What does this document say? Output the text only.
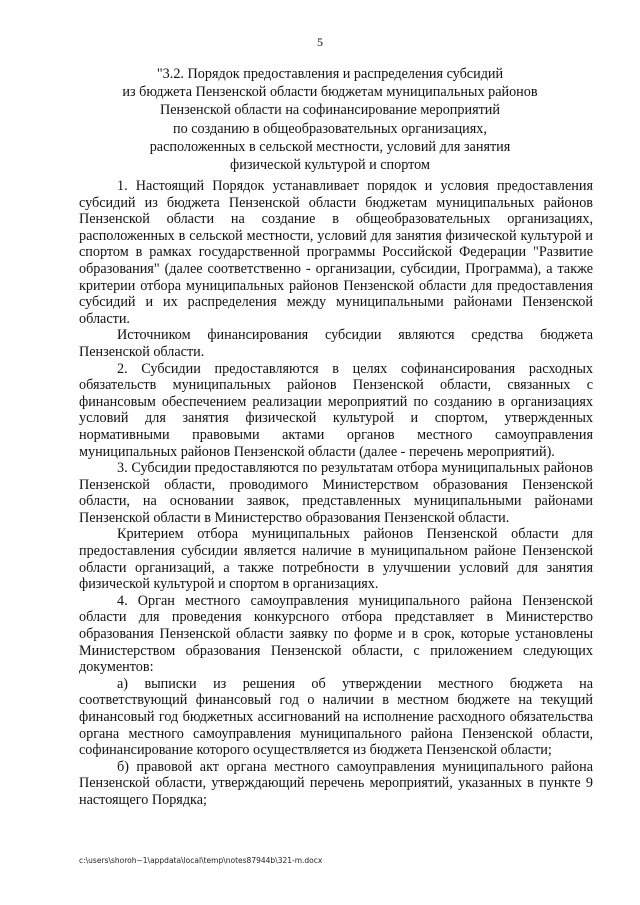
5
"3.2. Порядок предоставления и распределения субсидий
из бюджета Пензенской области бюджетам муниципальных районов
Пензенской области на софинансирование мероприятий
по созданию в общеобразовательных организациях,
расположенных в сельской местности, условий для занятия
физической культурой и спортом

1. Настоящий Порядок устанавливает порядок и условия предоставления субсидий из бюджета Пензенской области бюджетам муниципальных районов Пензенской области на создание в общеобразовательных организациях, расположенных в сельской местности, условий для занятия физической культурой и спортом в рамках государственной программы Российской Федерации "Развитие образования" (далее соответственно - организации, субсидии, Программа), а также критерии отбора муниципальных районов Пензенской области для предоставления субсидий и их распределения между муниципальными районами Пензенской области.

Источником финансирования субсидии являются средства бюджета Пензенской области.

2. Субсидии предоставляются в целях софинансирования расходных обязательств муниципальных районов Пензенской области, связанных с финансовым обеспечением реализации мероприятий по созданию в организациях условий для занятия физической культурой и спортом, утвержденных нормативными правовыми актами органов местного самоуправления муниципальных районов Пензенской области (далее - перечень мероприятий).

3. Субсидии предоставляются по результатам отбора муниципальных районов Пензенской области, проводимого Министерством образования Пензенской области, на основании заявок, представленных муниципальными районами Пензенской области в Министерство образования Пензенской области.

Критерием отбора муниципальных районов Пензенской области для предоставления субсидии является наличие в муниципальном районе Пензенской области организаций, а также потребности в улучшении условий для занятия физической культурой и спортом в организациях.

4. Орган местного самоуправления муниципального района Пензенской области для проведения конкурсного отбора представляет в Министерство образования Пензенской области заявку по форме и в срок, которые установлены Министерством образования Пензенской области, с приложением следующих документов:

а) выписки из решения об утверждении местного бюджета на соответствующий финансовый год о наличии в местном бюджете на текущий финансовый год бюджетных ассигнований на исполнение расходного обязательства органа местного самоуправления муниципального района Пензенской области, софинансирование которого осуществляется из бюджета Пензенской области;

б) правовой акт органа местного самоуправления муниципального района Пензенской области, утверждающий перечень мероприятий, указанных в пункте 9 настоящего Порядка;

c:\users\shoroh~1\appdata\local\temp\notes87944b\321-m.docx
